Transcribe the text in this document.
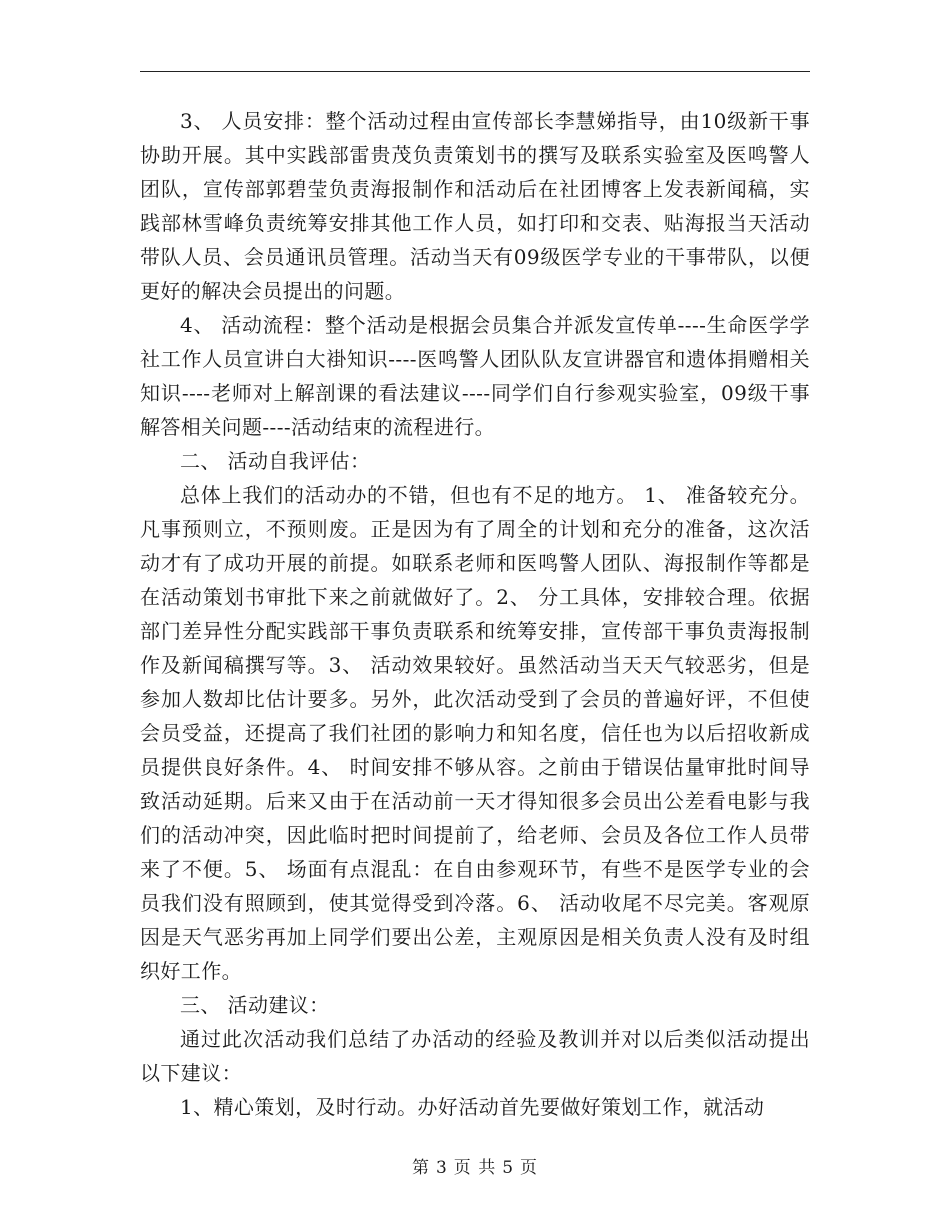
3、 人员安排：整个活动过程由宣传部长李慧娣指导，由10级新干事协助开展。其中实践部雷贵茂负责策划书的撰写及联系实验室及医鸣警人团队，宣传部郭碧莹负责海报制作和活动后在社团博客上发表新闻稿，实践部林雪峰负责统筹安排其他工作人员，如打印和交表、贴海报当天活动带队人员、会员通讯员管理。活动当天有09级医学专业的干事带队，以便更好的解决会员提出的问题。

4、 活动流程：整个活动是根据会员集合并派发宣传单----生命医学学社工作人员宣讲白大褂知识----医鸣警人团队队友宣讲器官和遗体捐赠相关知识----老师对上解剖课的看法建议----同学们自行参观实验室，09级干事解答相关问题----活动结束的流程进行。

二、 活动自我评估：

总体上我们的活动办的不错，但也有不足的地方。 1、 准备较充分。凡事预则立，不预则废。正是因为有了周全的计划和充分的准备，这次活动才有了成功开展的前提。如联系老师和医鸣警人团队、海报制作等都是在活动策划书审批下来之前就做好了。2、 分工具体，安排较合理。依据部门差异性分配实践部干事负责联系和统筹安排，宣传部干事负责海报制作及新闻稿撰写等。3、 活动效果较好。虽然活动当天天气较恶劣，但是参加人数却比估计要多。另外，此次活动受到了会员的普遍好评，不但使会员受益，还提高了我们社团的影响力和知名度，信任也为以后招收新成员提供良好条件。4、 时间安排不够从容。之前由于错误估量审批时间导致活动延期。后来又由于在活动前一天才得知很多会员出公差看电影与我们的活动冲突，因此临时把时间提前了，给老师、会员及各位工作人员带来了不便。5、 场面有点混乱：在自由参观环节，有些不是医学专业的会员我们没有照顾到，使其觉得受到冷落。6、 活动收尾不尽完美。客观原因是天气恶劣再加上同学们要出公差，主观原因是相关负责人没有及时组织好工作。

三、 活动建议：

通过此次活动我们总结了办活动的经验及教训并对以后类似活动提出以下建议：

1、精心策划，及时行动。办好活动首先要做好策划工作，就活动

第 3 页 共 5 页
